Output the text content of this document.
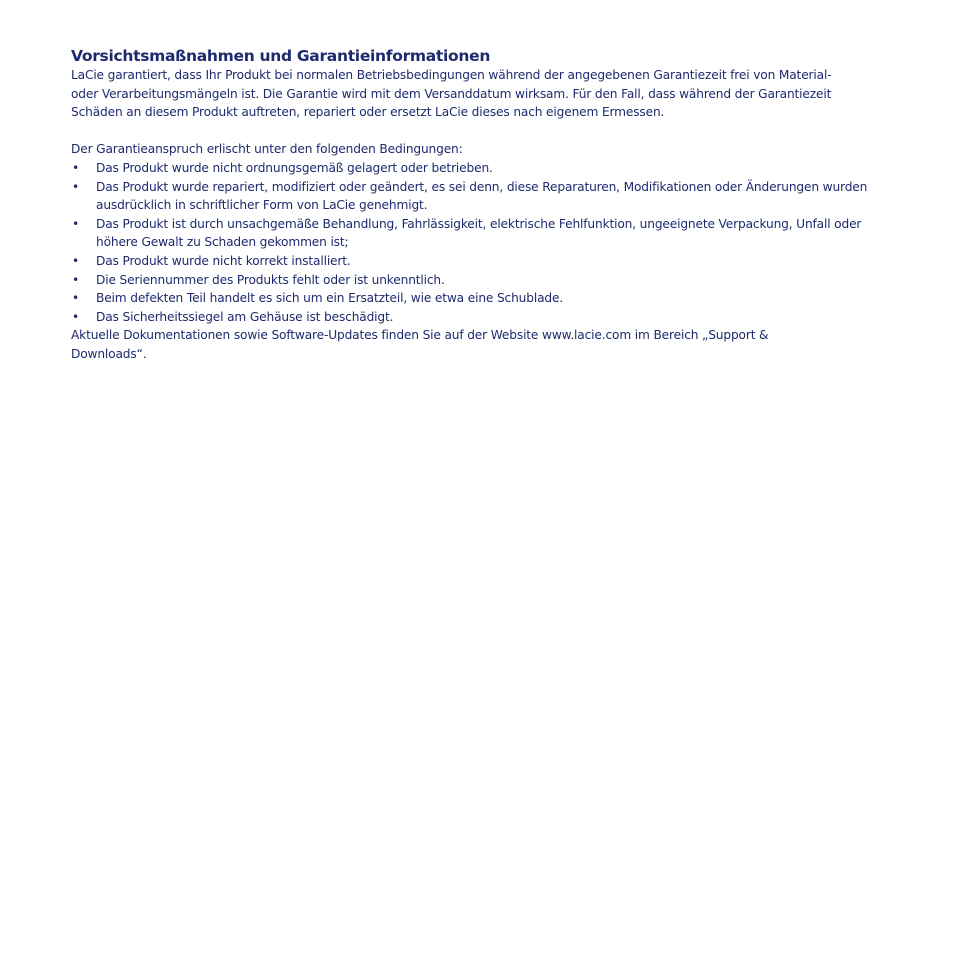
Vorsichtsmaßnahmen und Garantieinformationen

LaCie garantiert, dass Ihr Produkt bei normalen Betriebsbedingungen während der angegebenen Garantiezeit frei von Material-

oder Verarbeitungsmängeln ist. Die Garantie wird mit dem Versanddatum wirksam. Für den Fall, dass während der Garantiezeit

Schäden an diesem Produkt auftreten, repariert oder ersetzt LaCie dieses nach eigenem Ermessen.

Der Garantieanspruch erlischt unter den folgenden Bedingungen:

• Das Produkt wurde nicht ordnungsgemäß gelagert oder betrieben.
• Das Produkt wurde repariert, modifiziert oder geändert, es sei denn, diese Reparaturen, Modifikationen oder Änderungen wurden ausdrücklich in schriftlicher Form von LaCie genehmigt.
• Das Produkt ist durch unsachgemäße Behandlung, Fahrlässigkeit, elektrische Fehlfunktion, ungeeignete Verpackung, Unfall oder höhere Gewalt zu Schaden gekommen ist;
• Das Produkt wurde nicht korrekt installiert.
• Die Seriennummer des Produkts fehlt oder ist unkenntlich.
• Beim defekten Teil handelt es sich um ein Ersatzteil, wie etwa eine Schublade.
• Das Sicherheitssiegel am Gehäuse ist beschädigt.

Aktuelle Dokumentationen sowie Software-Updates finden Sie auf der Website www.lacie.com im Bereich „Support &

Downloads“.
